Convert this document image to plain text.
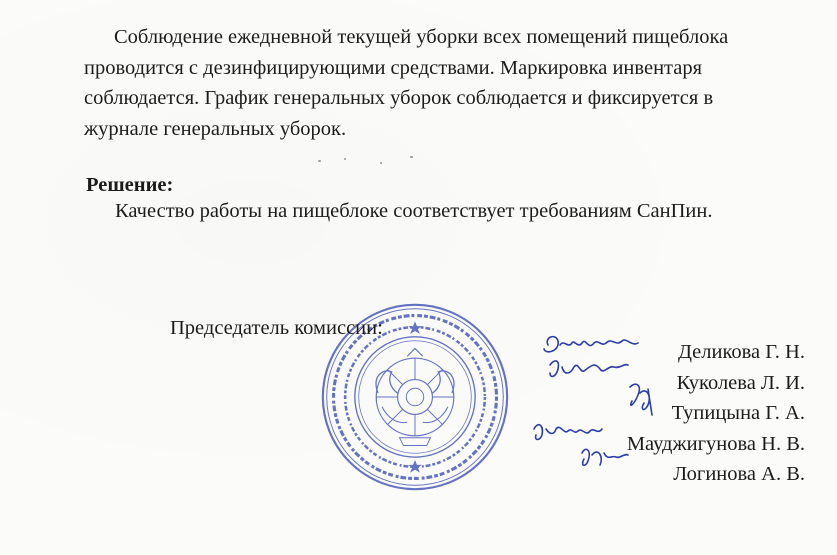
Соблюдение ежедневной текущей уборки всех помещений пищеблока
проводится с дезинфицирующими средствами. Маркировка инвентаря
соблюдается. График генеральных уборок соблюдается и фиксируется в
журнале генеральных уборок.

Решение:

Качество работы на пищеблоке соответствует требованиям СанПин.

Председатель комиссии:
Деликова Г. Н.
Куколева Л. И.
Тупицына Г. А.
Мауджигунова Н. В.
Логинова А. В.
